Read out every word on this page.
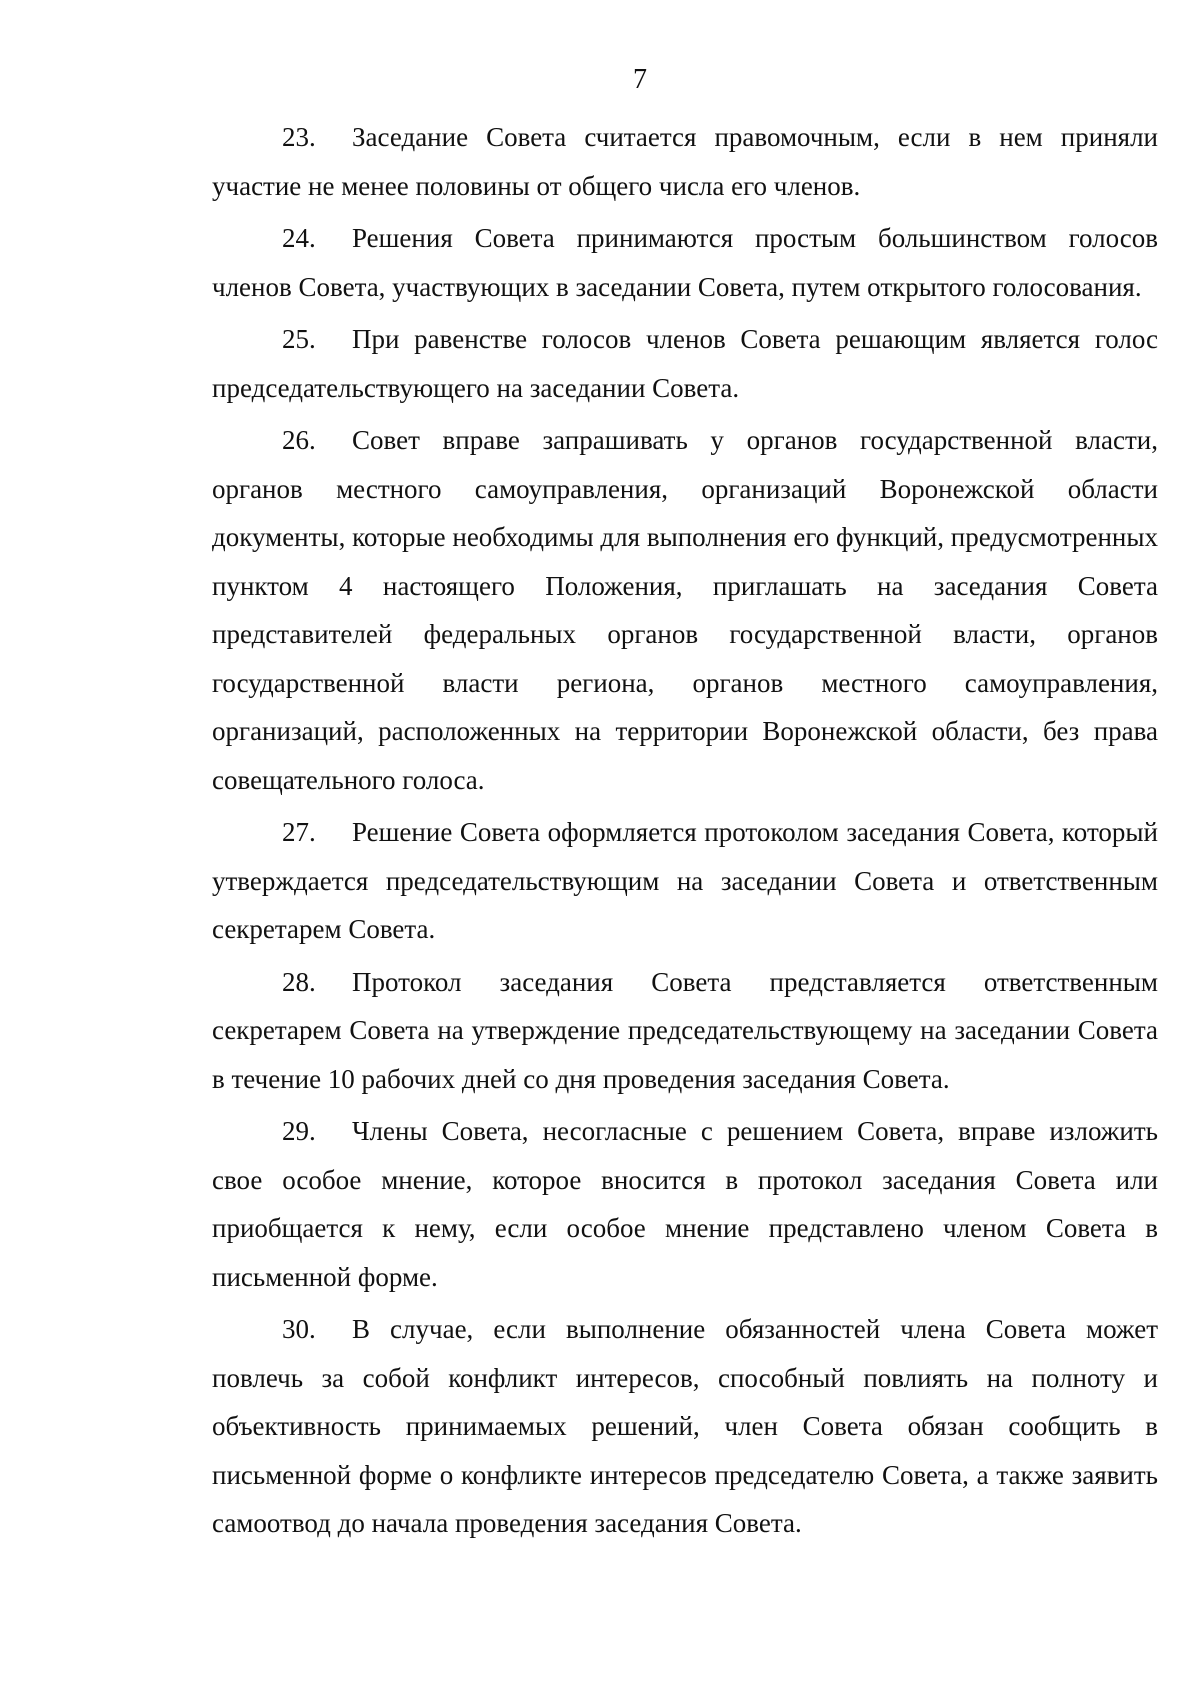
7

23. Заседание Совета считается правомочным, если в нем приняли участие не менее половины от общего числа его членов.

24. Решения Совета принимаются простым большинством голосов членов Совета, участвующих в заседании Совета, путем открытого голосования.

25. При равенстве голосов членов Совета решающим является голос председательствующего на заседании Совета.

26. Совет вправе запрашивать у органов государственной власти, органов местного самоуправления, организаций Воронежской области документы, которые необходимы для выполнения его функций, предусмотренных пунктом 4 настоящего Положения, приглашать на заседания Совета представителей федеральных органов государственной власти, органов государственной власти региона, органов местного самоуправления, организаций, расположенных на территории Воронежской области, без права совещательного голоса.

27. Решение Совета оформляется протоколом заседания Совета, который утверждается председательствующим на заседании Совета и ответственным секретарем Совета.

28. Протокол заседания Совета представляется ответственным секретарем Совета на утверждение председательствующему на заседании Совета в течение 10 рабочих дней со дня проведения заседания Совета.

29. Члены Совета, несогласные с решением Совета, вправе изложить свое особое мнение, которое вносится в протокол заседания Совета или приобщается к нему, если особое мнение представлено членом Совета в письменной форме.

30. В случае, если выполнение обязанностей члена Совета может повлечь за собой конфликт интересов, способный повлиять на полноту и объективность принимаемых решений, член Совета обязан сообщить в письменной форме о конфликте интересов председателю Совета, а также заявить самоотвод до начала проведения заседания Совета.
